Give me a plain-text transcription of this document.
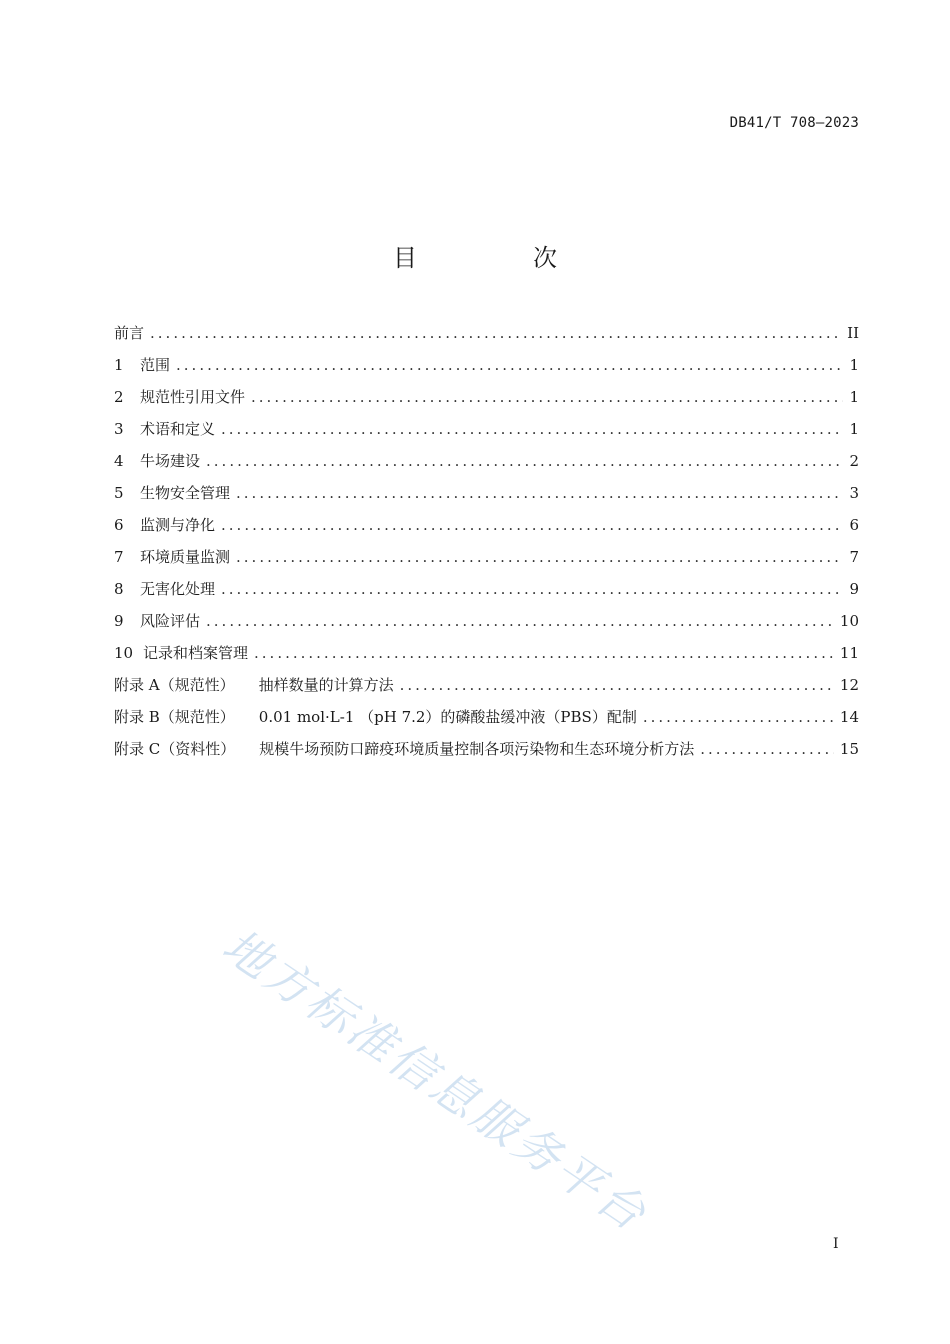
DB41/T 708—2023
目　次
前言 .....	II
1	范围 .....	1
2	规范性引用文件 .....	1
3	术语和定义 .....	1
4	牛场建设 .....	2
5	生物安全管理 .....	3
6	监测与净化 .....	6
7	环境质量监测 .....	7
8	无害化处理 .....	9
9	风险评估 .....	10
10 记录和档案管理 .....	11
附录 A（规范性） 抽样数量的计算方法 .....	12
附录 B（规范性） 0.01 mol·L-1 （pH 7.2）的磷酸盐缓冲液（PBS）配制 .....	14
附录 C（资料性） 规模牛场预防口蹄疫环境质量控制各项污染物和生态环境分析方法 .....	15
I
地方标准信息服务平台
